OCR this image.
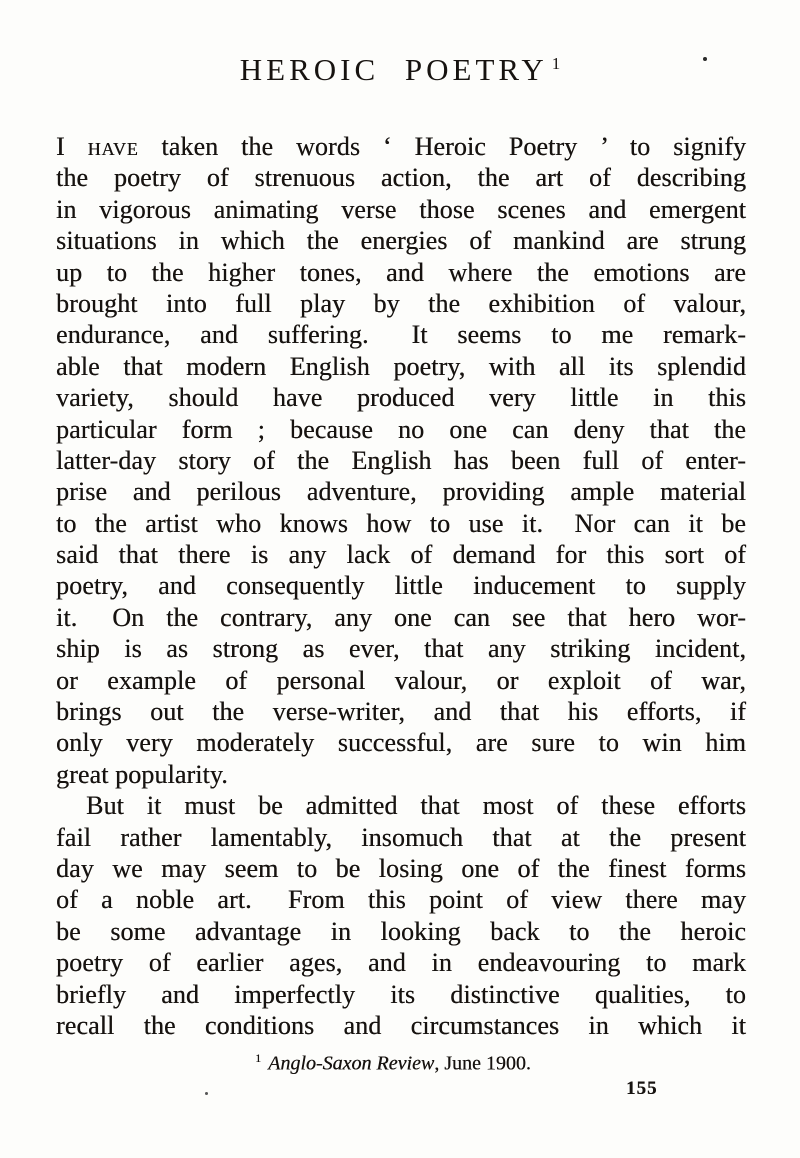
HEROIC POETRY $^1$
I have taken the words ‘ Heroic Poetry ’ to signify
the poetry of strenuous action, the art of describing
in vigorous animating verse those scenes and emergent
situations in which the energies of mankind are strung
up to the higher tones, and where the emotions are
brought into full play by the exhibition of valour,
endurance, and suffering.  It seems to me remark-
able that modern English poetry, with all its splendid
variety, should have produced very little in this
particular form ; because no one can deny that the
latter-day story of the English has been full of enter-
prise and perilous adventure, providing ample material
to the artist who knows how to use it.  Nor can it be
said that there is any lack of demand for this sort of
poetry, and consequently little inducement to supply
it.  On the contrary, any one can see that hero wor-
ship is as strong as ever, that any striking incident,
or example of personal valour, or exploit of war,
brings out the verse-writer, and that his efforts, if
only very moderately successful, are sure to win him
great popularity.
But it must be admitted that most of these efforts
fail rather lamentably, insomuch that at the present
day we may seem to be losing one of the finest forms
of a noble art.  From this point of view there may
be some advantage in looking back to the heroic
poetry of earlier ages, and in endeavouring to mark
briefly and imperfectly its distinctive qualities, to
recall the conditions and circumstances in which it
$^1$ Anglo-Saxon Review, June 1900.
155
